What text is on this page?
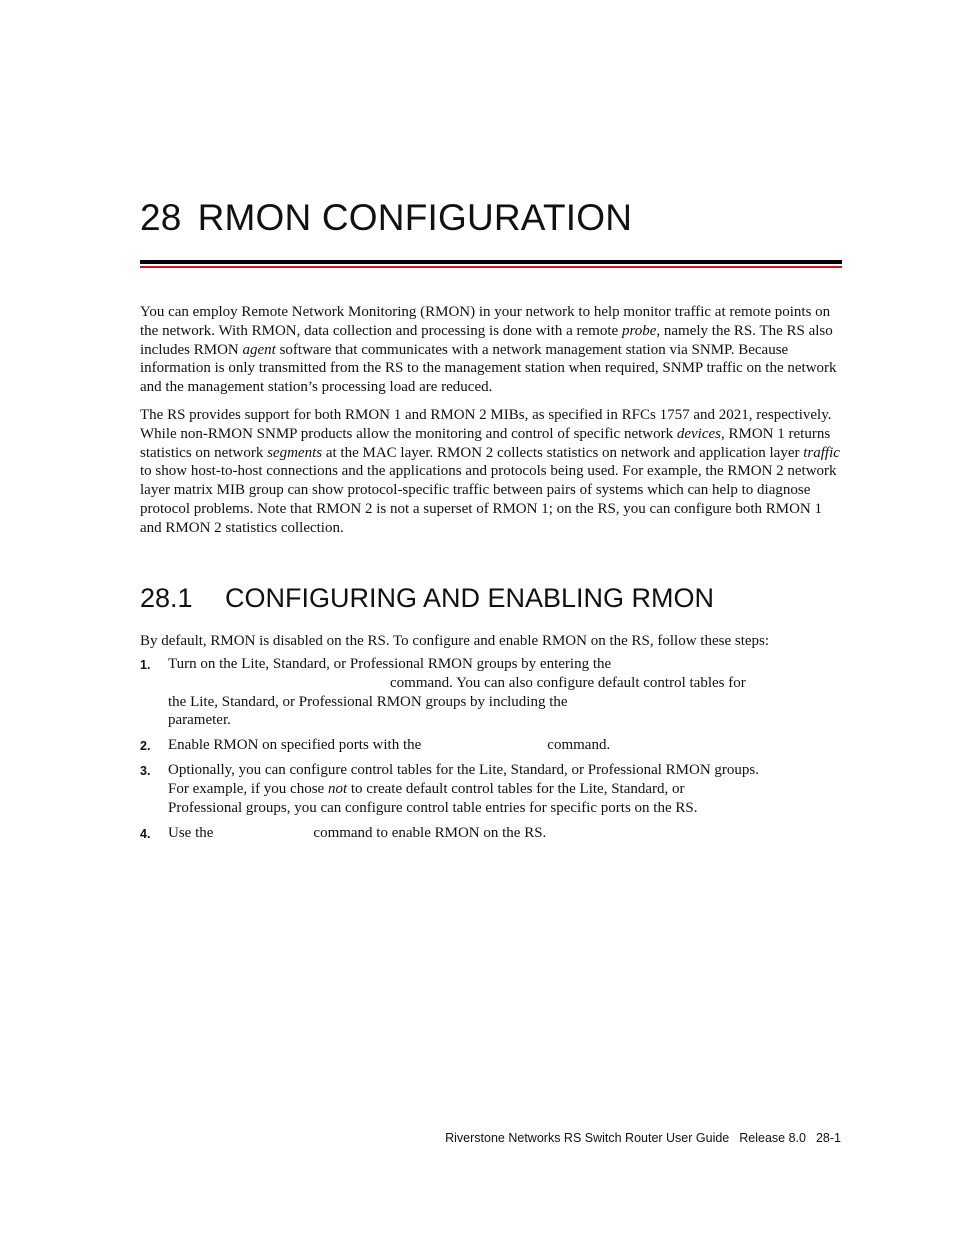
28 RMON CONFIGURATION

You can employ Remote Network Monitoring (RMON) in your network to help monitor traffic at remote points on the network. With RMON, data collection and processing is done with a remote probe, namely the RS. The RS also includes RMON agent software that communicates with a network management station via SNMP. Because information is only transmitted from the RS to the management station when required, SNMP traffic on the network and the management station’s processing load are reduced.

The RS provides support for both RMON 1 and RMON 2 MIBs, as specified in RFCs 1757 and 2021, respectively. While non-RMON SNMP products allow the monitoring and control of specific network devices, RMON 1 returns statistics on network segments at the MAC layer. RMON 2 collects statistics on network and application layer traffic to show host-to-host connections and the applications and protocols being used. For example, the RMON 2 network layer matrix MIB group can show protocol-specific traffic between pairs of systems which can help to diagnose protocol problems. Note that RMON 2 is not a superset of RMON 1; on the RS, you can configure both RMON 1 and RMON 2 statistics collection.

28.1 CONFIGURING AND ENABLING RMON

By default, RMON is disabled on the RS. To configure and enable RMON on the RS, follow these steps:

1. Turn on the Lite, Standard, or Professional RMON groups by entering the
command. You can also configure default control tables for
the Lite, Standard, or Professional RMON groups by including the
parameter.
2. Enable RMON on specified ports with the	command.
3. Optionally, you can configure control tables for the Lite, Standard, or Professional RMON groups. For example, if you chose not to create default control tables for the Lite, Standard, or Professional groups, you can configure control table entries for specific ports on the RS.
4. Use the	command to enable RMON on the RS.
Riverstone Networks RS Switch Router User Guide Release 8.0 28-1
